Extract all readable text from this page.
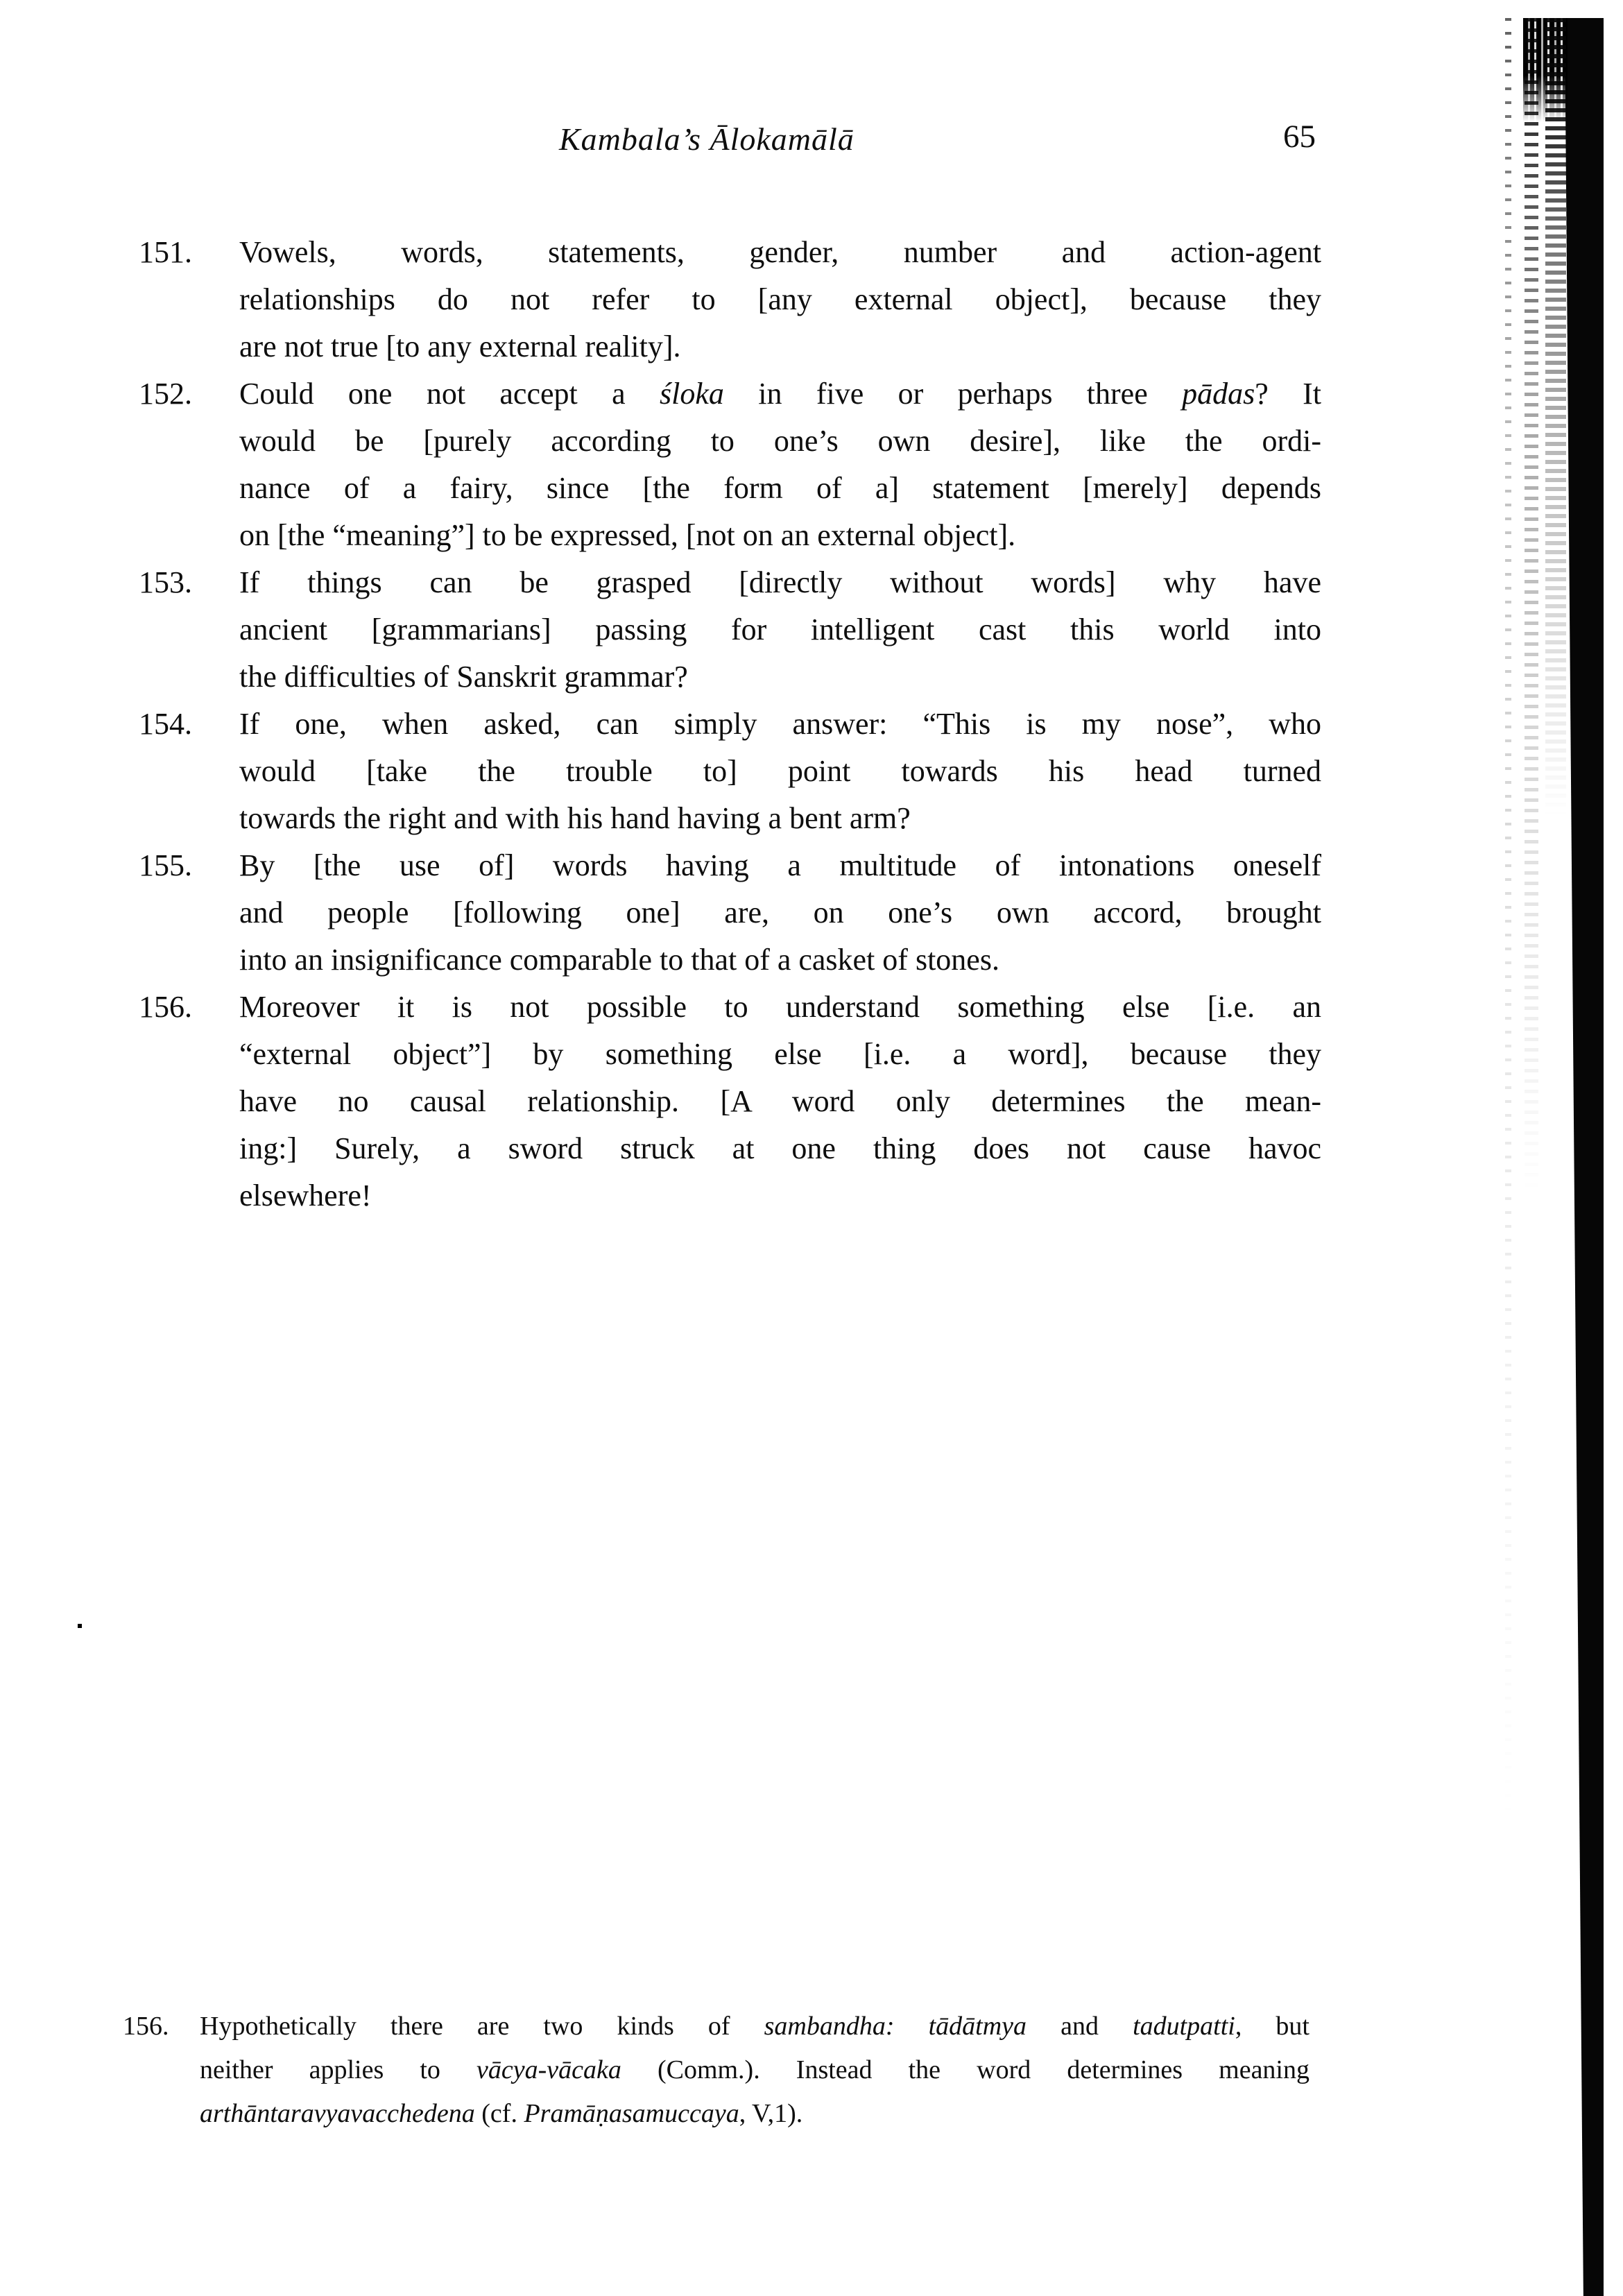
Kambala’s Ālokamālā	65
151.	Vowels, words, statements, gender, number and action-agent
relationships do not refer to [any external object], because they
are not true [to any external reality].
152.	Could one not accept a śloka in five or perhaps three pādas? It
would be [purely according to one’s own desire], like the ordi-
nance of a fairy, since [the form of a] statement [merely] depends
on [the “meaning”] to be expressed, [not on an external object].
153.	If things can be grasped [directly without words] why have
ancient [grammarians] passing for intelligent cast this world into
the difficulties of Sanskrit grammar?
154.	If one, when asked, can simply answer: “This is my nose”, who
would [take the trouble to] point towards his head turned
towards the right and with his hand having a bent arm?
155.	By [the use of] words having a multitude of intonations oneself
and people [following one] are, on one’s own accord, brought
into an insignificance comparable to that of a casket of stones.
156.	Moreover it is not possible to understand something else [i.e. an
“external object”] by something else [i.e. a word], because they
have no causal relationship. [A word only determines the mean-
ing:] Surely, a sword struck at one thing does not cause havoc
elsewhere!
156.	Hypothetically there are two kinds of sambandha: tādātmya and tadutpatti, but
neither applies to vācya-vācaka (Comm.). Instead the word determines meaning
arthāntaravyavacchedena (cf. Pramāṇasamuccaya, V,1).
